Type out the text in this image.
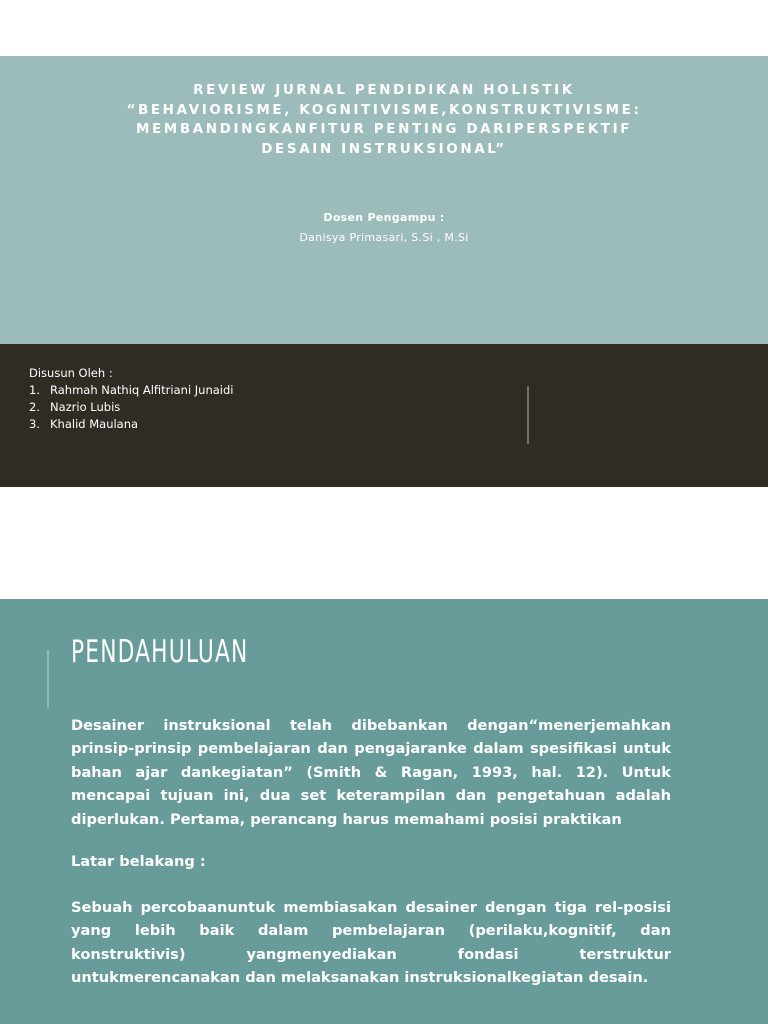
REVIEW JURNAL PENDIDIKAN HOLISTIK
“BEHAVIORISME, KOGNITIVISME,KONSTRUKTIVISME:
MEMBANDINGKANFITUR PENTING DARIPERSPEKTIF
DESAIN INSTRUKSIONAL”
Dosen Pengampu :
Danisya Primasari, S.Si , M.Si
Disusun Oleh :
1. Rahmah Nathiq Alfitriani Junaidi
2. Nazrio Lubis
3. Khalid Maulana
PENDAHULUAN
Desainer instruksional telah dibebankan dengan“menerjemahkan prinsip-prinsip pembelajaran dan pengajaranke dalam spesifikasi untuk bahan ajar dankegiatan” (Smith & Ragan, 1993, hal. 12). Untuk mencapai tujuan ini, dua set keterampilan dan pengetahuan adalah diperlukan. Pertama, perancang harus memahami posisi praktikan
Latar belakang :
Sebuah percobaanuntuk membiasakan desainer dengan tiga rel-posisi yang lebih baik dalam pembelajaran (perilaku,kognitif, dan konstruktivis) yangmenyediakan fondasi terstruktur untukmerencanakan dan melaksanakan instruksionalkegiatan desain.
